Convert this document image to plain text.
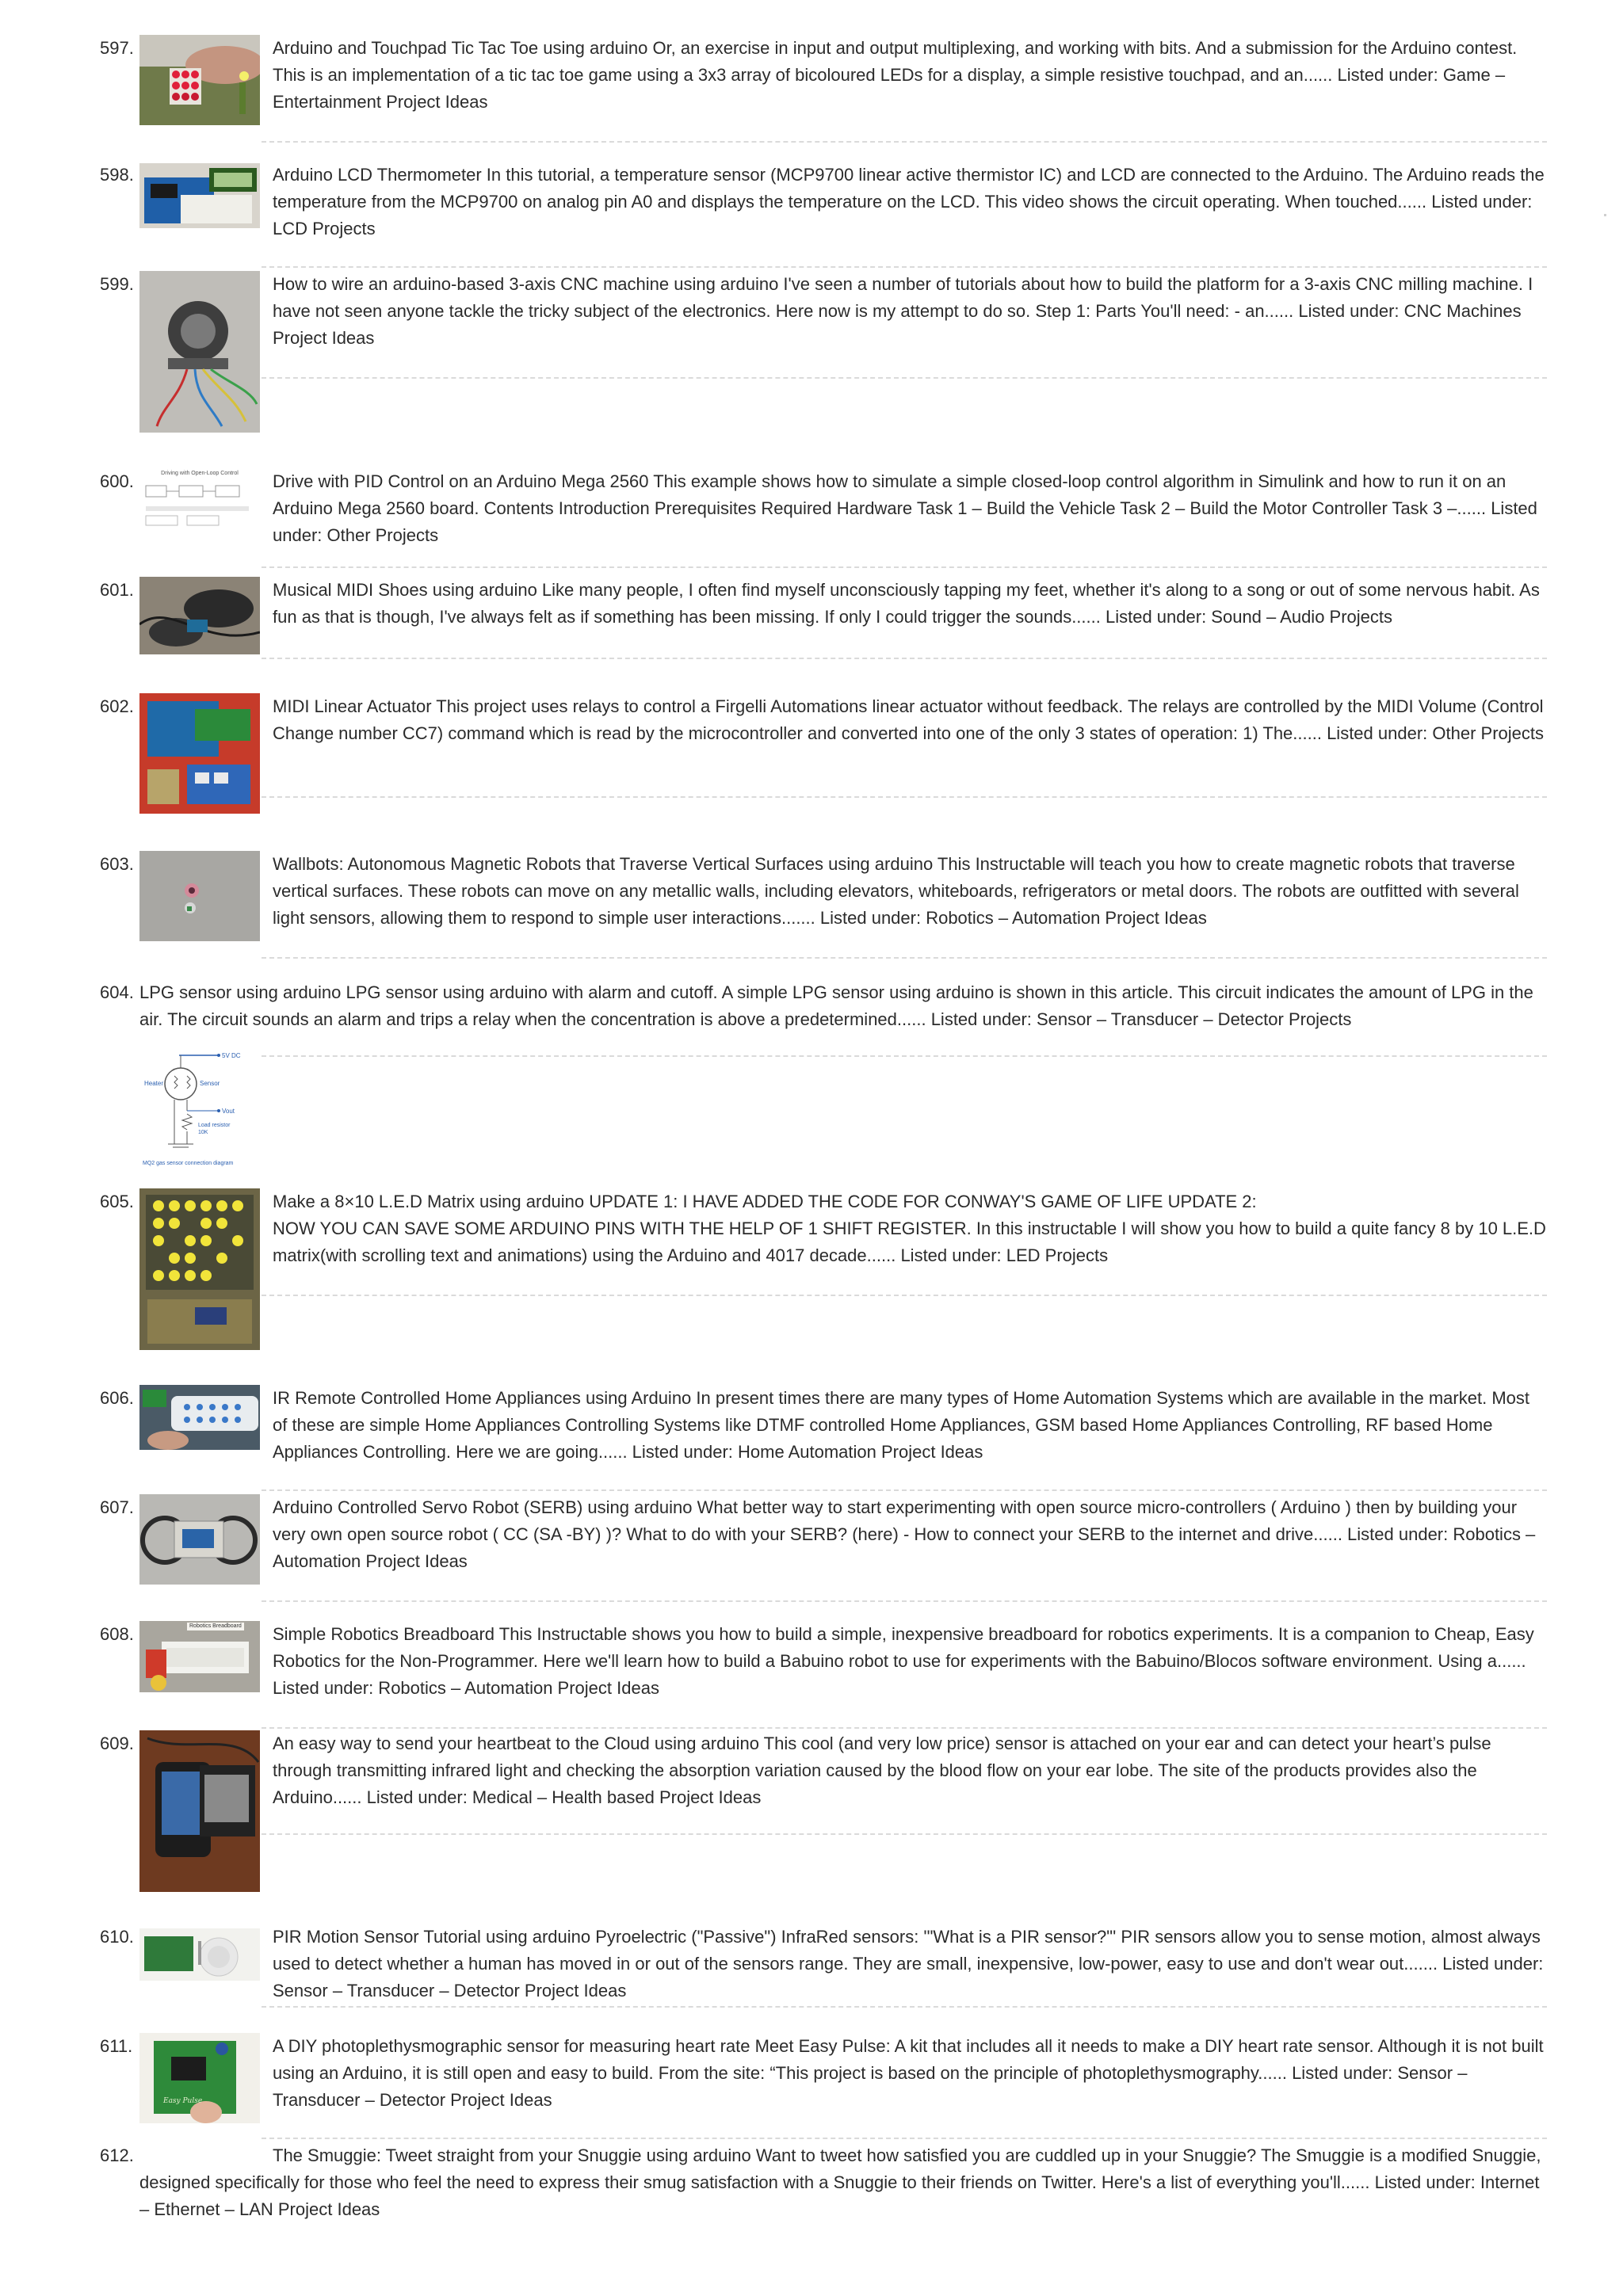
597.	Arduino and Touchpad Tic Tac Toe using arduino Or, an exercise in input and output multiplexing, and working with bits. And a submission for the Arduino contest. This is an implementation of a tic tac toe game using a 3x3 array of bicoloured LEDs for a display, a simple resistive touchpad, and an...... Listed under: Game – Entertainment Project Ideas

598.	Arduino LCD Thermometer In this tutorial, a temperature sensor (MCP9700 linear active thermistor IC) and LCD are connected to the Arduino. The Arduino reads the temperature from the MCP9700 on analog pin A0 and displays the temperature on the LCD. This video shows the circuit operating. When touched...... Listed under: LCD Projects

599.	How to wire an arduino-based 3-axis CNC machine using arduino I've seen a number of tutorials about how to build the platform for a 3-axis CNC milling machine. I have not seen anyone tackle the tricky subject of the electronics. Here now is my attempt to do so. Step 1: Parts You'll need: - an...... Listed under: CNC Machines Project Ideas

600.	Driving with Open-Loop Control	Drive with PID Control on an Arduino Mega 2560 This example shows how to simulate a simple closed-loop control algorithm in Simulink and how to run it on an Arduino Mega 2560 board. Contents Introduction Prerequisites Required Hardware Task 1 – Build the Vehicle Task 2 – Build the Motor Controller Task 3 –...... Listed under: Other Projects

601.	Musical MIDI Shoes using arduino Like many people, I often find myself unconsciously tapping my feet, whether it's along to a song or out of some nervous habit. As fun as that is though, I've always felt as if something has been missing. If only I could trigger the sounds...... Listed under: Sound – Audio Projects

602.	MIDI Linear Actuator This project uses relays to control a Firgelli Automations linear actuator without feedback. The relays are controlled by the MIDI Volume (Control Change number CC7) command which is read by the microcontroller and converted into one of the only 3 states of operation: 1) The...... Listed under: Other Projects

603.	Wallbots: Autonomous Magnetic Robots that Traverse Vertical Surfaces using arduino This Instructable will teach you how to create magnetic robots that traverse vertical surfaces. These robots can move on any metallic walls, including elevators, whiteboards, refrigerators or metal doors. The robots are outfitted with several light sensors, allowing them to respond to simple user interactions....... Listed under: Robotics – Automation Project Ideas

604. LPG sensor using arduino LPG sensor using arduino with alarm and cutoff. A simple LPG sensor using arduino is shown in this article. This circuit indicates the amount of LPG in the air. The circuit sounds an alarm and trips a relay when the concentration is above a predetermined...... Listed under: Sensor – Transducer – Detector Projects

5V DC
Heater	Sensor
Vout
Load resistor
10K
MQ2 gas sensor connection diagram
605.	Make a 8×10 L.E.D Matrix using arduino UPDATE 1: I HAVE ADDED THE CODE FOR CONWAY'S GAME OF LIFE UPDATE 2:
NOW YOU CAN SAVE SOME ARDUINO PINS WITH THE HELP OF 1 SHIFT REGISTER. In this instructable I will show you how to build a quite fancy 8 by 10 L.E.D matrix(with scrolling text and animations) using the Arduino and 4017 decade...... Listed under: LED Projects

606.	IR Remote Controlled Home Appliances using Arduino In present times there are many types of Home Automation Systems which are available in the market. Most of these are simple Home Appliances Controlling Systems like DTMF controlled Home Appliances, GSM based Home Appliances Controlling, RF based Home Appliances Controlling. Here we are going...... Listed under: Home Automation Project Ideas

607.	Arduino Controlled Servo Robot (SERB) using arduino What better way to start experimenting with open source micro-controllers ( Arduino ) then by building your very own open source robot ( CC (SA -BY) )? What to do with your SERB? (here) - How to connect your SERB to the internet and drive...... Listed under: Robotics – Automation Project Ideas

608.	Robotics Breadboard Simple Robotics Breadboard This Instructable shows you how to build a simple, inexpensive breadboard for robotics experiments. It is a companion to Cheap, Easy Robotics for the Non-Programmer. Here we'll learn how to build a Babuino robot to use for experiments with the Babuino/Blocos software environment. Using a...... Listed under: Robotics – Automation Project Ideas

609.	An easy way to send your heartbeat to the Cloud using arduino This cool (and very low price) sensor is attached on your ear and can detect your heart’s pulse through transmitting infrared light and checking the absorption variation caused by the blood flow on your ear lobe. The site of the products provides also the Arduino...... Listed under: Medical – Health based Project Ideas

610.	PIR Motion Sensor Tutorial using arduino Pyroelectric ("Passive") InfraRed sensors: '"What is a PIR sensor?"' PIR sensors allow you to sense motion, almost always used to detect whether a human has moved in or out of the sensors range. They are small, inexpensive, low-power, easy to use and don't wear out....... Listed under: Sensor – Transducer – Detector Project Ideas

611.
Easy Pulse

A DIY photoplethysmographic sensor for measuring heart rate Meet Easy Pulse: A kit that includes all it needs to make a DIY heart rate sensor. Although it is not built using an Arduino, it is still open and easy to build. From the site: “This project is based on the principle of photoplethysmography...... Listed under: Sensor – Transducer – Detector Project Ideas

612.	The Smuggie: Tweet straight from your Snuggie using arduino Want to tweet how satisfied you are cuddled up in your Snuggie? The Smuggie is a modified Snuggie, designed specifically for those who feel the need to express their smug satisfaction with a Snuggie to their friends on Twitter. Here's a list of everything you'll...... Listed under: Internet – Ethernet – LAN Project Ideas
